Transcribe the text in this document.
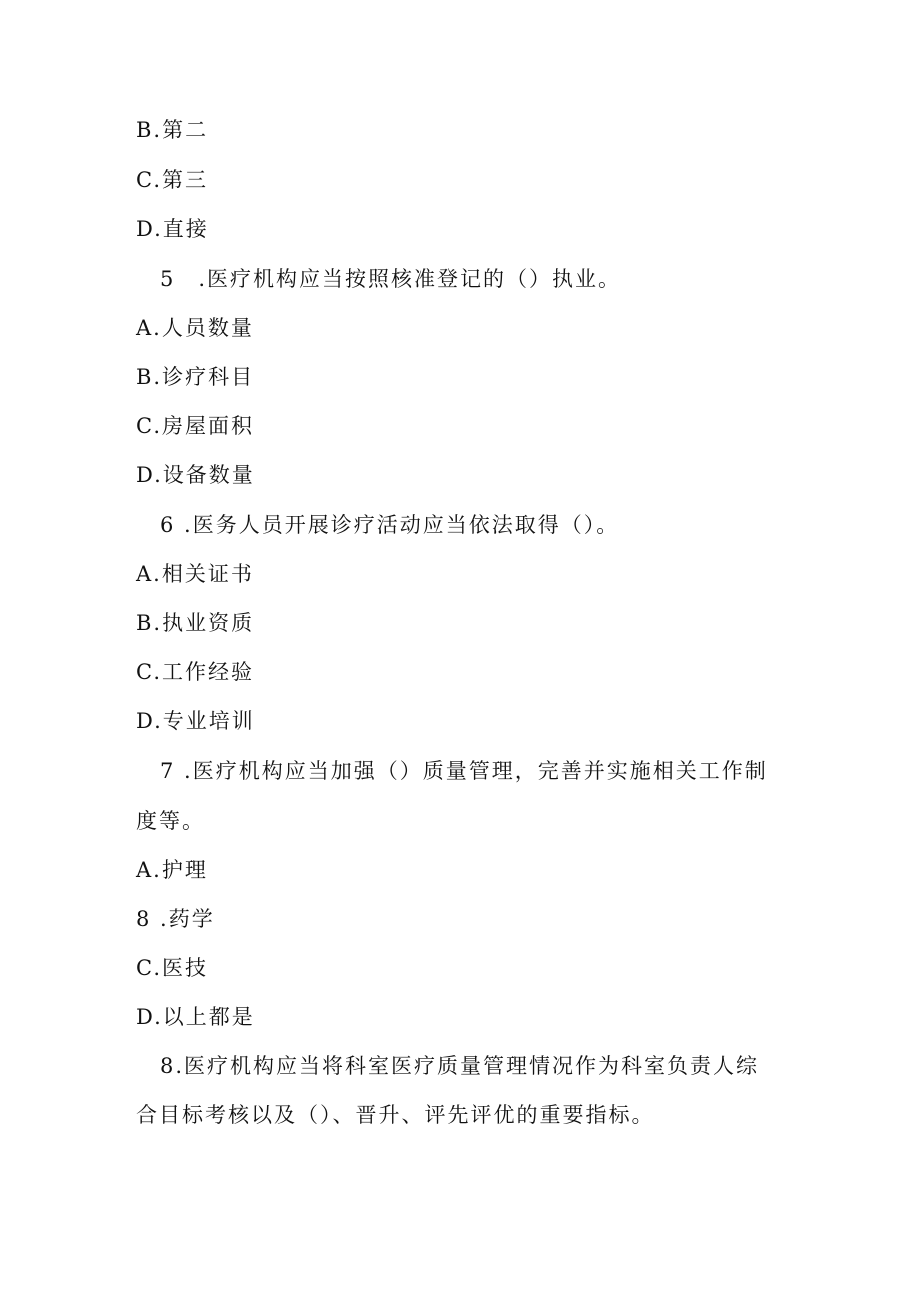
B.第二
C.第三
D.直接
5　.医疗机构应当按照核准登记的（）执业。
A.人员数量
B.诊疗科目
C.房屋面积
D.设备数量
6 .医务人员开展诊疗活动应当依法取得（）。
A.相关证书
B.执业资质
C.工作经验
D.专业培训
7 .医疗机构应当加强（）质量管理，完善并实施相关工作制
度等。
A.护理
8 .药学
C.医技
D.以上都是
8.医疗机构应当将科室医疗质量管理情况作为科室负责人综
合目标考核以及（）、晋升、评先评优的重要指标。
